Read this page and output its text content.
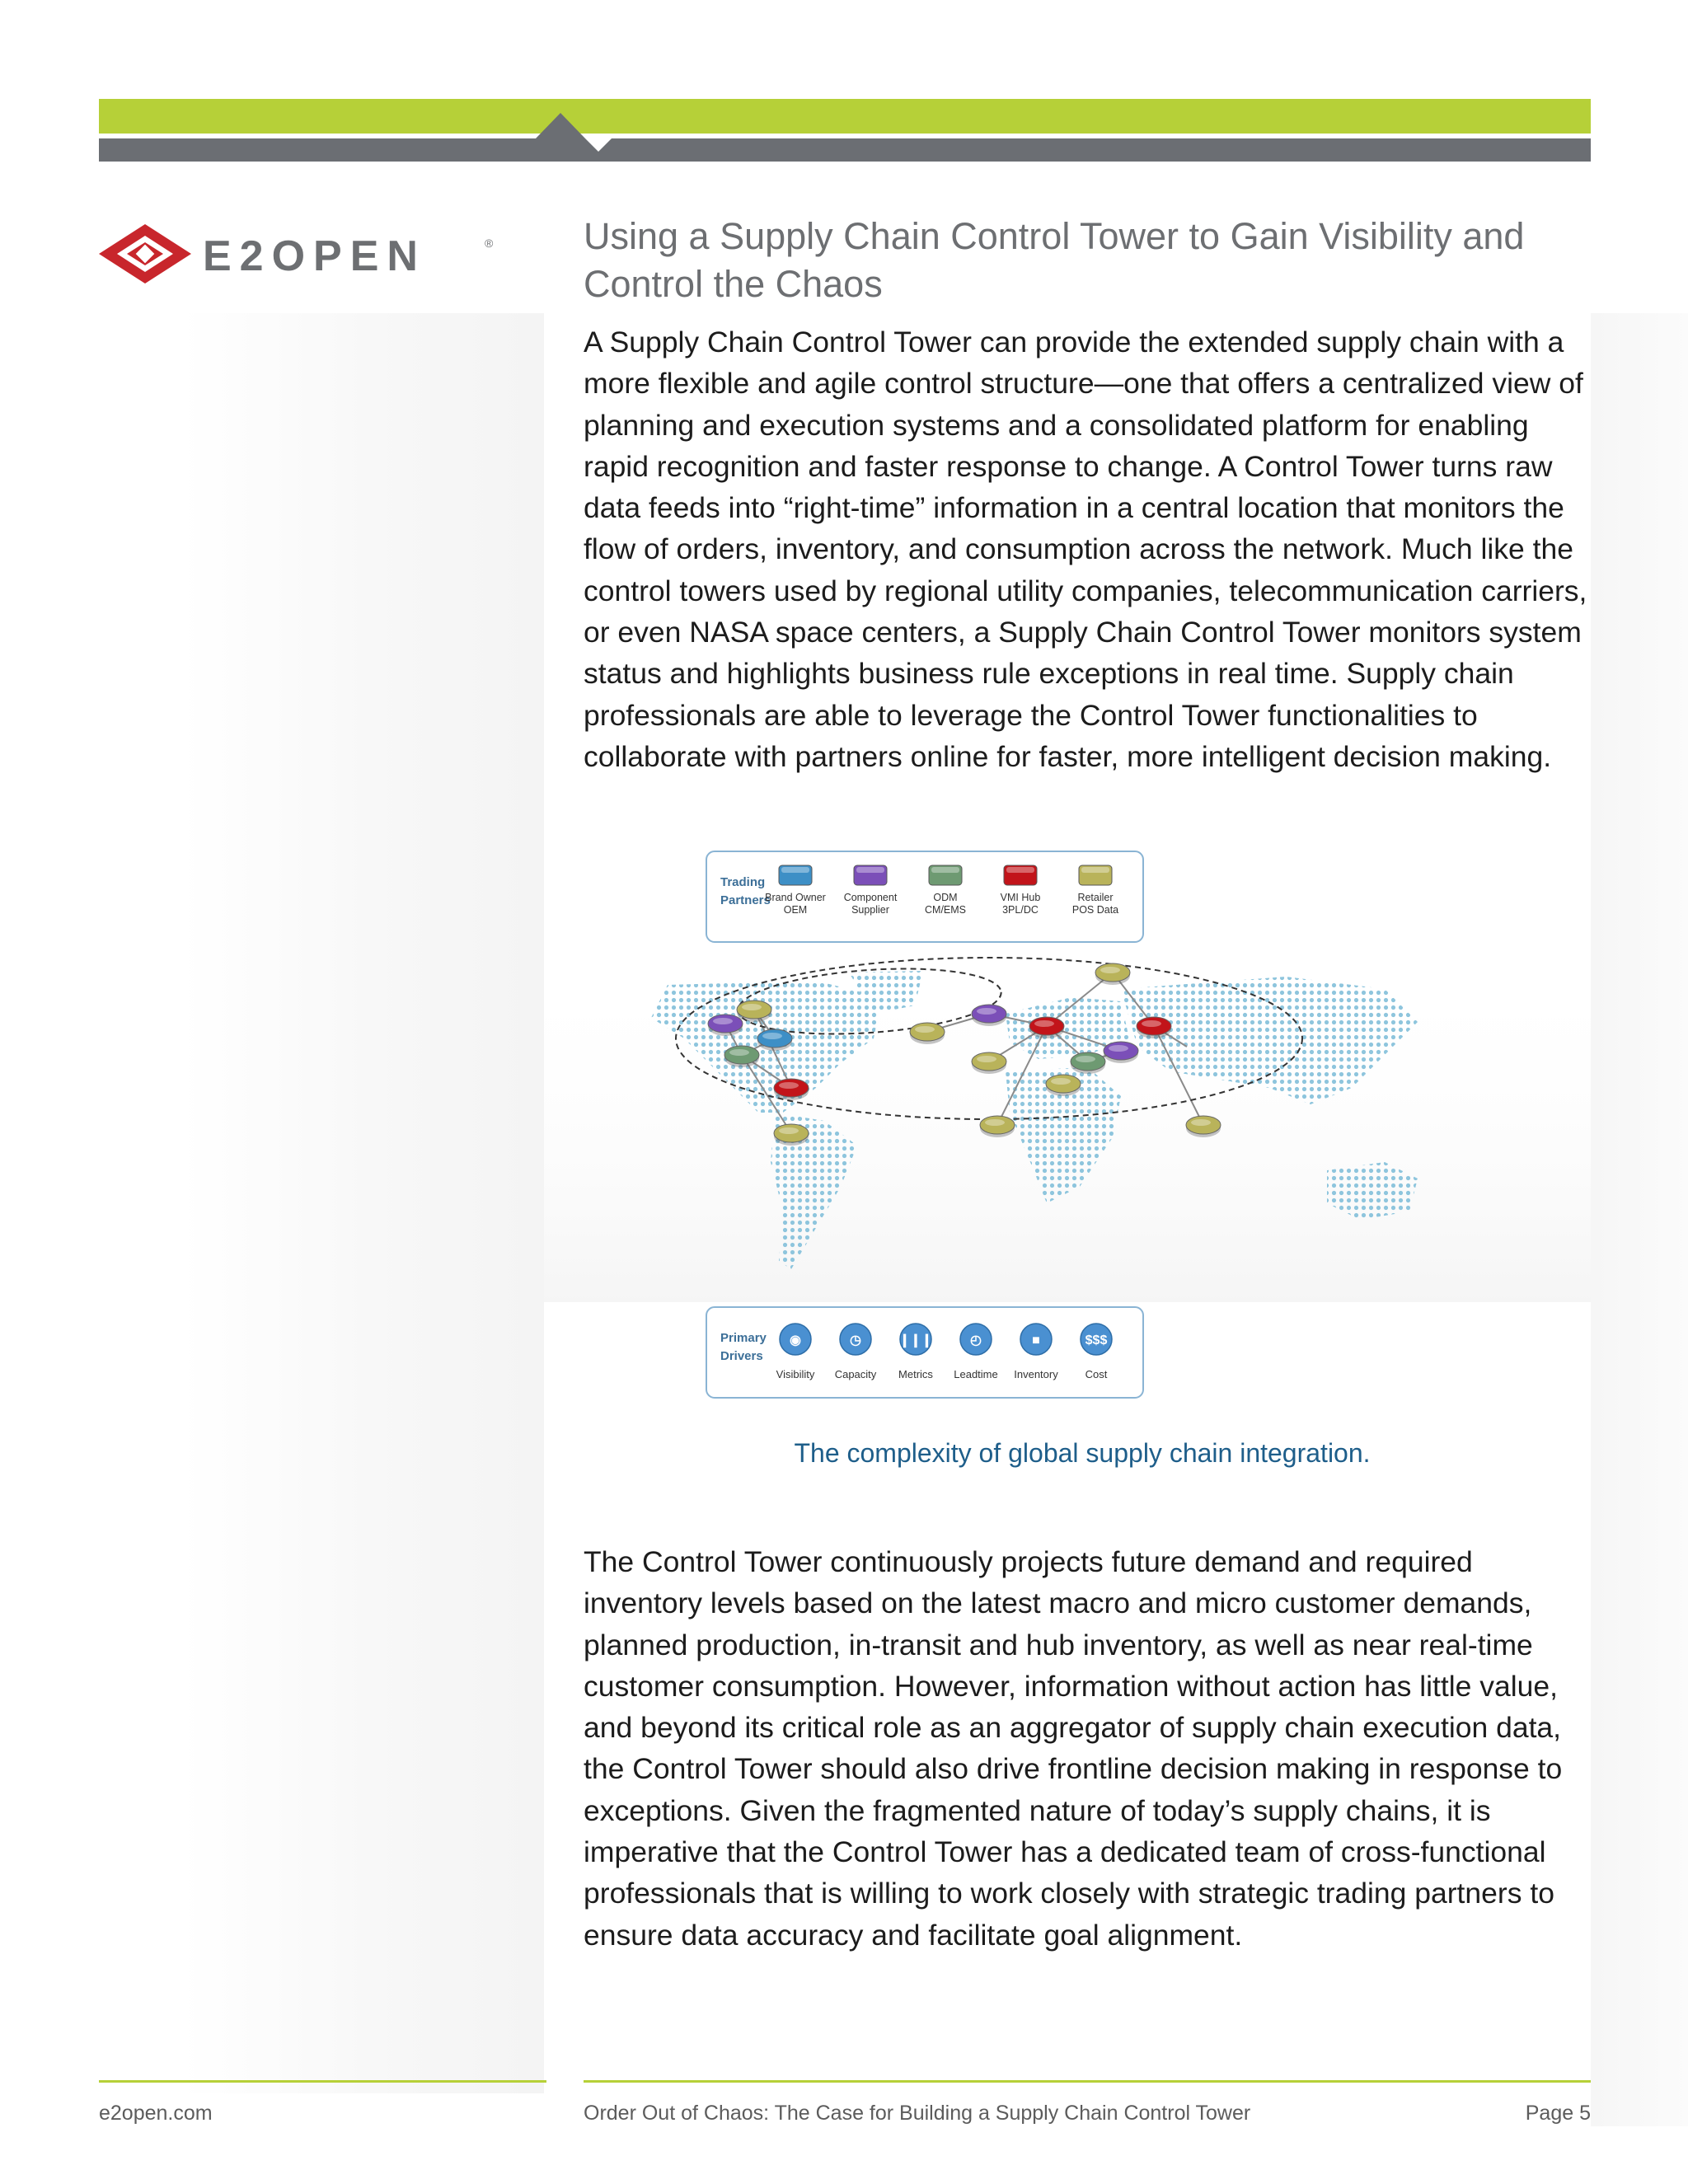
E2OPEN	® Using a Supply Chain Control Tower to Gain Visibility and Control the Chaos

A Supply Chain Control Tower can provide the extended supply chain with a more flexible and agile control structure—one that offers a centralized view of planning and execution systems and a consolidated platform for enabling rapid recognition and faster response to change. A Control Tower turns raw data feeds into “right-time” information in a central location that monitors the flow of orders, inventory, and consumption across the network. Much like the control towers used by regional utility companies, telecommunication carriers, or even NASA space centers, a Supply Chain Control Tower monitors system status and highlights business rule exceptions in real time. Supply chain professionals are able to leverage the Control Tower functionalities to collaborate with partners online for faster, more intelligent decision making.

Trading
Partners
Brand Owner
OEM
Component
Supplier
ODM
CM/EMS
VMI Hub
3PL/DC
Retailer
POS Data
Primary
Drivers
◉
Visibility
◷
Capacity
❙❙❙
Metrics
◴
Leadtime
■
Inventory
$$$
Cost
The complexity of global supply chain integration.

The Control Tower continuously projects future demand and required inventory levels based on the latest macro and micro customer demands, planned production, in-transit and hub inventory, as well as near real-time customer consumption. However, information without action has little value, and beyond its critical role as an aggregator of supply chain execution data, the Control Tower should also drive frontline decision making in response to exceptions. Given the fragmented nature of today’s supply chains, it is imperative that the Control Tower has a dedicated team of cross-functional professionals that is willing to work closely with strategic trading partners to ensure data accuracy and facilitate goal alignment.

e2open.com	Order Out of Chaos: The Case for Building a Supply Chain Control Tower	Page 5
